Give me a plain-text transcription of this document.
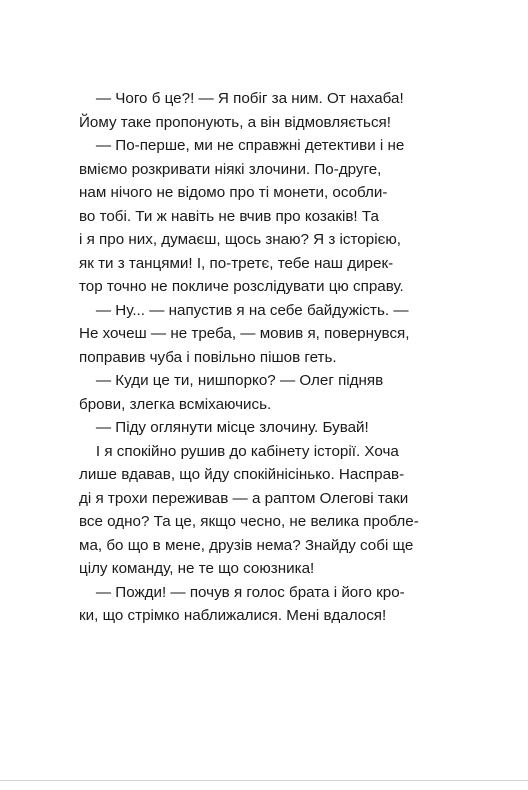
— Чого б це?! — Я побіг за ним. От нахаба!
Йому таке пропонують, а він відмовляється!
— По-перше, ми не справжні детективи і не
вміємо розкривати ніякі злочини. По-друге,
нам нічого не відомо про ті монети, особли-
во тобі. Ти ж навіть не вчив про козаків! Та
і я про них, думаєш, щось знаю? Я з історією,
як ти з танцями! І, по-третє, тебе наш дирек-
тор точно не покличе розслідувати цю справу.
— Ну... — напустив я на себе байдужість. —
Не хочеш — не треба, — мовив я, повернувся,
поправив чуба і повільно пішов геть.
— Куди це ти, нишпорко? — Олег підняв
брови, злегка всміхаючись.
— Піду оглянути місце злочину. Бувай!
І я спокійно рушив до кабінету історії. Хоча
лише вдавав, що йду спокійнісінько. Насправ-
ді я трохи переживав — а раптом Олегові таки
все одно? Та це, якщо чесно, не велика пробле-
ма, бо що в мене, друзів нема? Знайду собі ще
цілу команду, не те що союзника!
— Пожди! — почув я голос брата і його кро-
ки, що стрімко наближалися. Мені вдалося!
